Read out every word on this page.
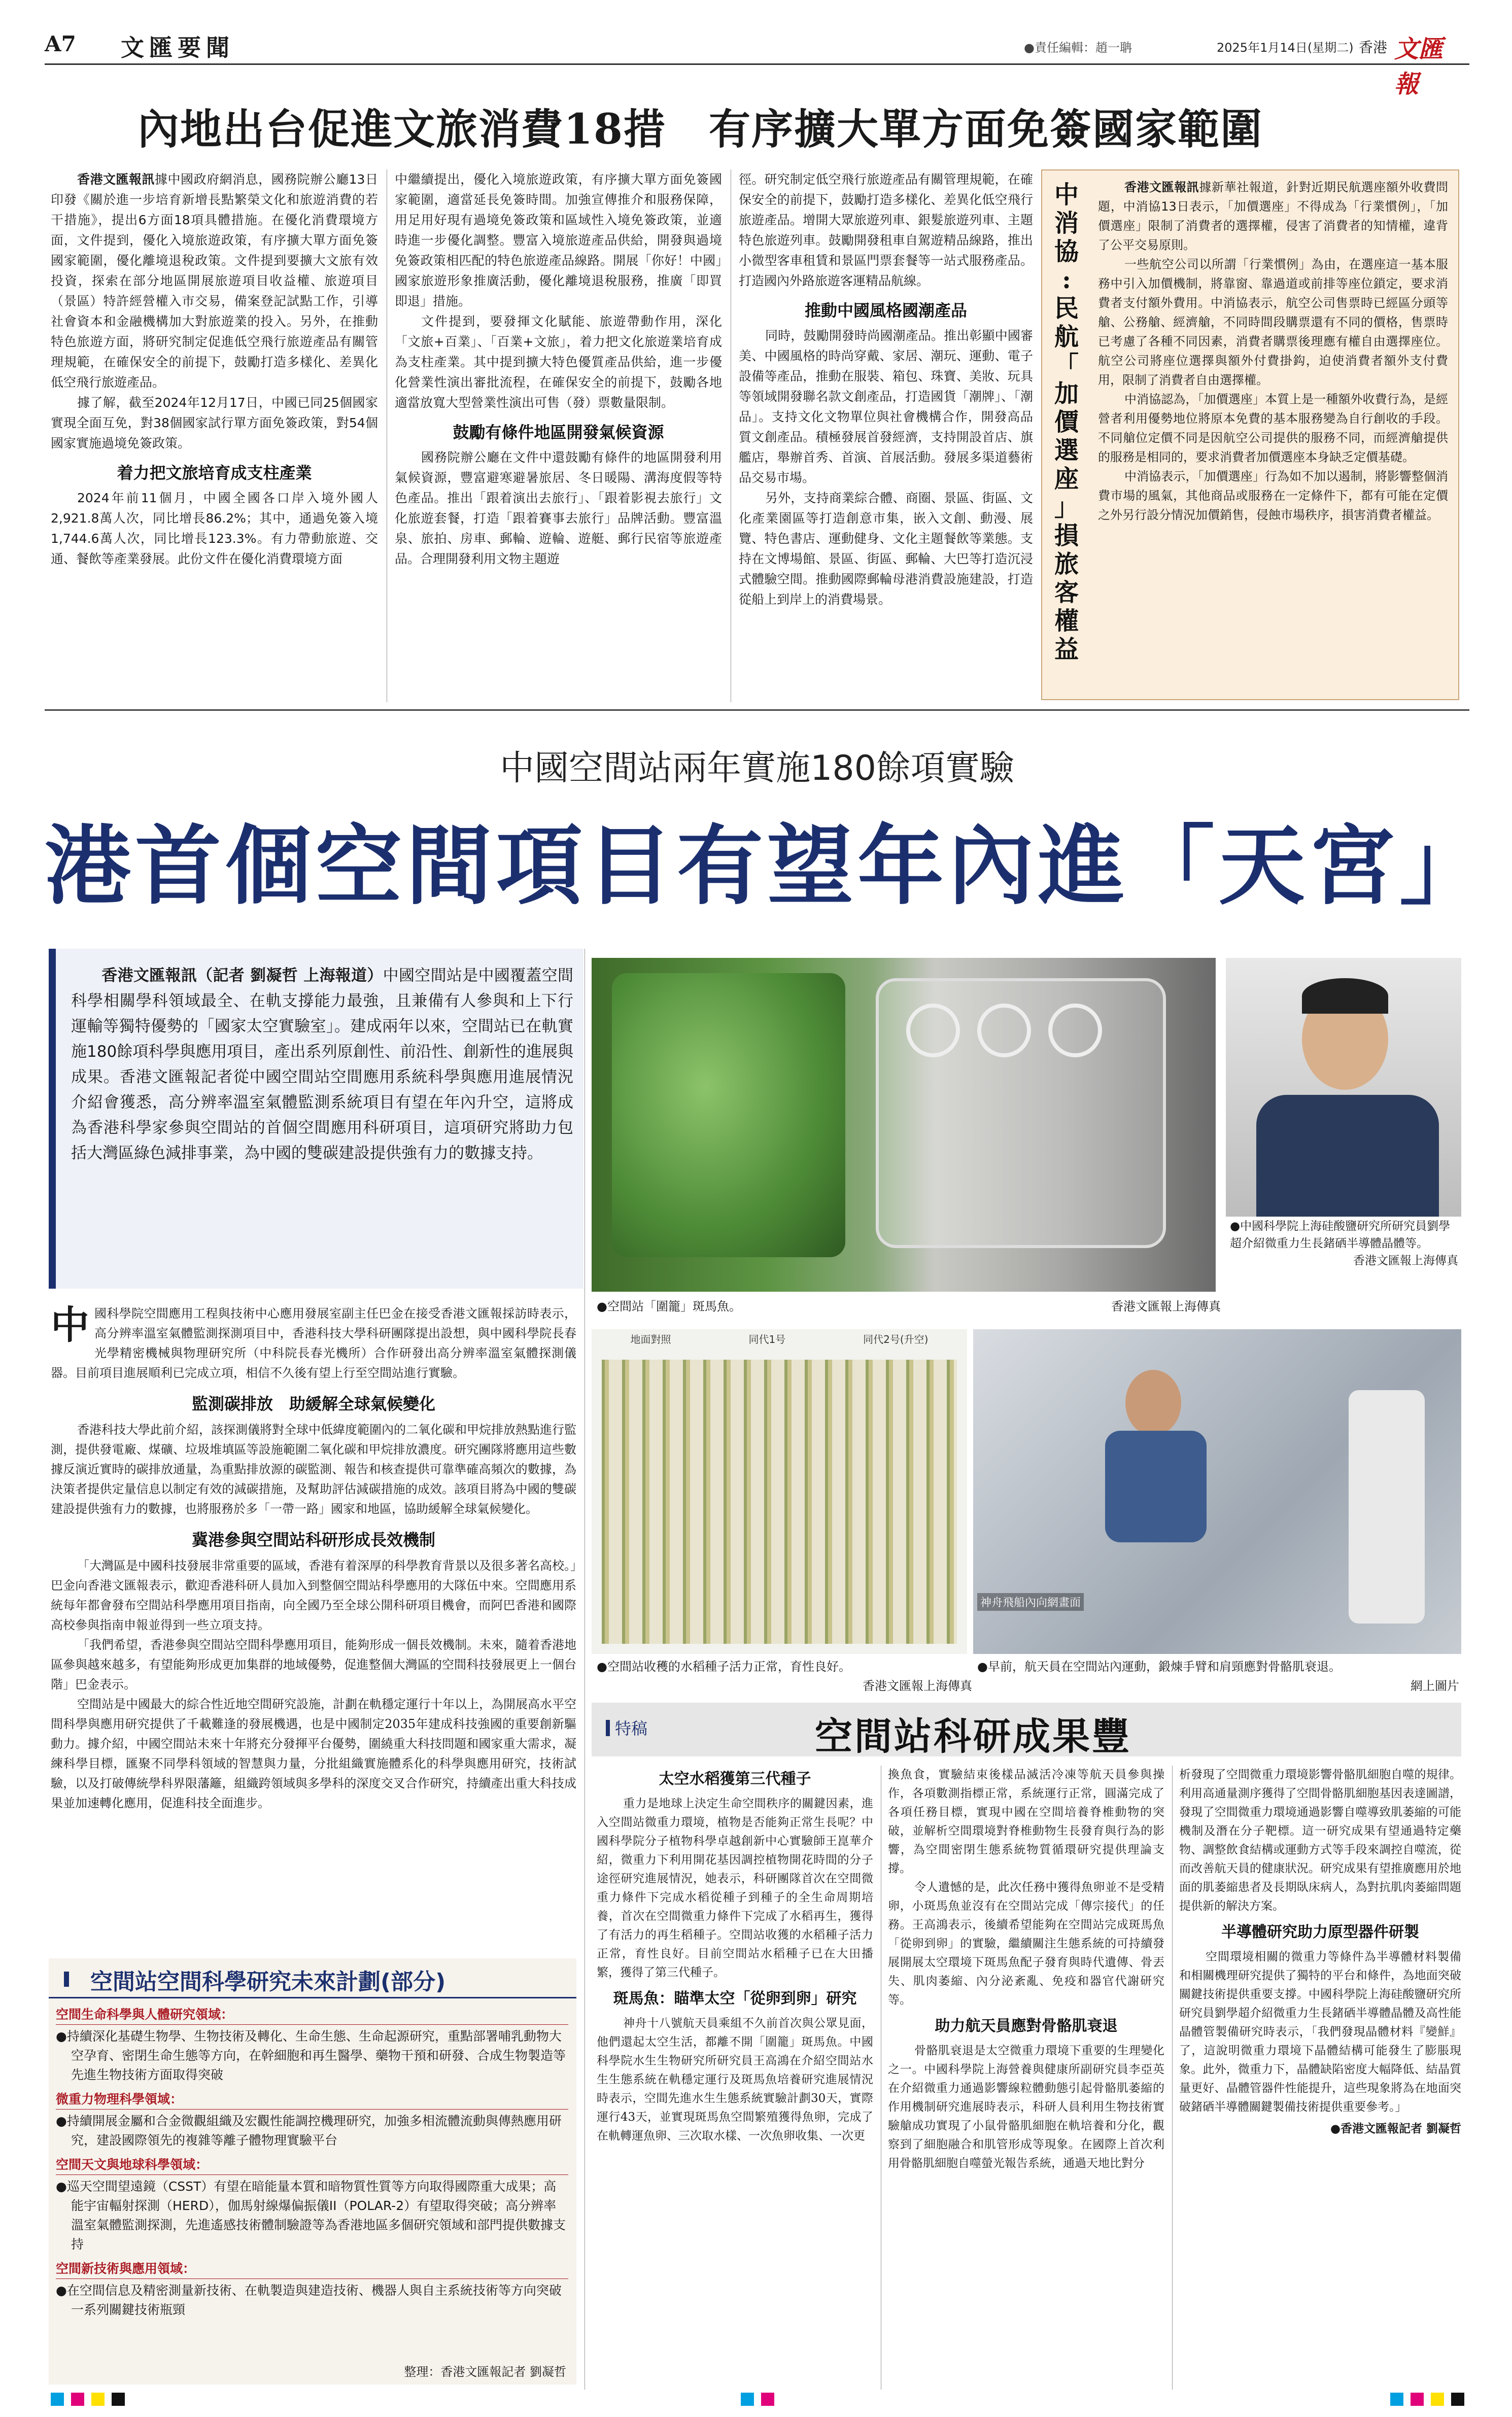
A7 文匯要聞	●責任編輯：趙一聃	2025年1月14日(星期二) 香港 文匯報
內地出台促進文旅消費18措　有序擴大單方面免簽國家範圍

香港文匯報訊據中國政府網消息，國務院辦公廳13日印發《關於進一步培育新增長點繁榮文化和旅遊消費的若干措施》，提出6方面18項具體措施。在優化消費環境方面，文件提到，優化入境旅遊政策，有序擴大單方面免簽國家範圍，優化離境退稅政策。文件提到要擴大文旅有效投資，探索在部分地區開展旅遊項目收益權、旅遊項目（景區）特許經營權入市交易，備案登記試點工作，引導社會資本和金融機構加大對旅遊業的投入。另外，在推動特色旅遊方面，將研究制定促進低空飛行旅遊產品有關管理規範，在確保安全的前提下，鼓勵打造多樣化、差異化低空飛行旅遊產品。

據了解，截至2024年12月17日，中國已同25個國家實現全面互免，對38個國家試行單方面免簽政策，對54個國家實施過境免簽政策。

着力把文旅培育成支柱產業

2024年前11個月，中國全國各口岸入境外國人2,921.8萬人次，同比增長86.2%；其中，通過免簽入境1,744.6萬人次，同比增長123.3%。有力帶動旅遊、交通、餐飲等產業發展。此份文件在優化消費環境方面

中繼續提出，優化入境旅遊政策，有序擴大單方面免簽國家範圍，適當延長免簽時間。加強宣傳推介和服務保障，用足用好現有過境免簽政策和區域性入境免簽政策，並適時進一步優化調整。豐富入境旅遊產品供給，開發與過境免簽政策相匹配的特色旅遊產品線路。開展「你好！中國」國家旅遊形象推廣活動，優化離境退稅服務，推廣「即買即退」措施。

文件提到，要發揮文化賦能、旅遊帶動作用，深化「文旅+百業」、「百業+文旅」，着力把文化旅遊業培育成為支柱產業。其中提到擴大特色優質產品供給，進一步優化營業性演出審批流程，在確保安全的前提下，鼓勵各地適當放寬大型營業性演出可售（發）票數量限制。

鼓勵有條件地區開發氣候資源

國務院辦公廳在文件中還鼓勵有條件的地區開發利用氣候資源，豐富避寒避暑旅居、冬日暖陽、溝海度假等特色產品。推出「跟着演出去旅行」、「跟着影視去旅行」文化旅遊套餐，打造「跟着賽事去旅行」品牌活動。豐富溫泉、旅拍、房車、郵輪、遊輪、遊艇、郵行民宿等旅遊產品。合理開發利用文物主題遊

徑。研究制定低空飛行旅遊產品有關管理規範，在確保安全的前提下，鼓勵打造多樣化、差異化低空飛行旅遊產品。增開大眾旅遊列車、銀髮旅遊列車、主題特色旅遊列車。鼓勵開發租車自駕遊精品線路，推出小微型客車租賃和景區門票套餐等一站式服務產品。打造國內外路旅遊客運精品航線。

推動中國風格國潮產品

同時，鼓勵開發時尚國潮產品。推出彰顯中國審美、中國風格的時尚穿戴、家居、潮玩、運動、電子設備等產品，推動在服裝、箱包、珠寶、美妝、玩具等領域開發聯名款文創產品，打造國貨「潮牌」、「潮品」。支持文化文物單位與社會機構合作，開發高品質文創產品。積極發展首發經濟，支持開設首店、旗艦店，舉辦首秀、首演、首展活動。發展多渠道藝術品交易市場。

另外，支持商業綜合體、商圈、景區、街區、文化產業園區等打造創意市集，嵌入文創、動漫、展覽、特色書店、運動健身、文化主題餐飲等業態。支持在文博場館、景區、街區、郵輪、大巴等打造沉浸式體驗空間。推動國際郵輪母港消費設施建設，打造從船上到岸上的消費場景。

中
消
協
:
民
航
「
加
價
選
座
」
損
旅
客
權
益

香港文匯報訊據新華社報道，針對近期民航選座額外收費問題，中消協13日表示，「加價選座」不得成為「行業慣例」，「加價選座」限制了消費者的選擇權，侵害了消費者的知情權，違背了公平交易原則。

一些航空公司以所謂「行業慣例」為由，在選座這一基本服務中引入加價機制，將靠窗、靠過道或前排等座位鎖定，要求消費者支付額外費用。中消協表示，航空公司售票時已經區分頭等艙、公務艙、經濟艙，不同時間段購票還有不同的價格，售票時已考慮了各種不同因素，消費者購票後理應有權自由選擇座位。航空公司將座位選擇與額外付費掛鈎，迫使消費者額外支付費用，限制了消費者自由選擇權。

中消協認為，「加價選座」本質上是一種額外收費行為，是經營者利用優勢地位將原本免費的基本服務變為自行創收的手段。不同艙位定價不同是因航空公司提供的服務不同，而經濟艙提供的服務是相同的，要求消費者加價選座本身缺乏定價基礎。

中消協表示，「加價選座」行為如不加以遏制，將影響整個消費市場的風氣，其他商品或服務在一定條件下，都有可能在定價之外另行設分情況加價銷售，侵蝕市場秩序，損害消費者權益。

中國空間站兩年實施180餘項實驗
港首個空間項目有望年內進「天宮」
香港文匯報訊（記者 劉凝哲 上海報道）中國空間站是中國覆蓋空間科學相關學科領域最全、在軌支撐能力最強，且兼備有人參與和上下行運輸等獨特優勢的「國家太空實驗室」。建成兩年以來，空間站已在軌實施180餘項科學與應用項目，產出系列原創性、前沿性、創新性的進展與成果。香港文匯報記者從中國空間站空間應用系統科學與應用進展情況介紹會獲悉，高分辨率溫室氣體監測系統項目有望在年內升空，這將成為香港科學家參與空間站的首個空間應用科研項目，這項研究將助力包括大灣區綠色減排事業，為中國的雙碳建設提供強有力的數據支持。
中 國科學院空間應用工程與技術中心應用發展室副主任巴金在接受香港文匯報採訪時表示，高分辨率溫室氣體監測探測項目中，香港科技大學科研團隊提出設想，與中國科學院長春光學精密機械與物理研究所（中科院長春光機所）合作研發出高分辨率溫室氣體探測儀器。目前項目進展順利已完成立項，相信不久後有望上行至空間站進行實驗。

監測碳排放　助緩解全球氣候變化

香港科技大學此前介紹，該探測儀將對全球中低緯度範圍內的二氧化碳和甲烷排放熱點進行監測，提供發電廠、煤礦、垃圾堆填區等設施範圍二氧化碳和甲烷排放濃度。研究團隊將應用這些數據反演近實時的碳排放通量，為重點排放源的碳監測、報告和核查提供可靠準確高頻次的數據，為決策者提供定量信息以制定有效的減碳措施，及幫助評估減碳措施的成效。該項目將為中國的雙碳建設提供強有力的數據，也將服務於多「一帶一路」國家和地區，協助緩解全球氣候變化。

冀港參與空間站科研形成長效機制

「大灣區是中國科技發展非常重要的區域，香港有着深厚的科學教育背景以及很多著名高校。」巴金向香港文匯報表示，歡迎香港科研人員加入到整個空間站科學應用的大隊伍中來。空間應用系統每年都會發布空間站科學應用項目指南，向全國乃至全球公開科研項目機會，而阿巴香港和國際高校參與指南申報並得到一些立項支持。

「我們希望，香港參與空間站空間科學應用項目，能夠形成一個長效機制。未來，隨着香港地區參與越來越多，有望能夠形成更加集群的地域優勢，促進整個大灣區的空間科技發展更上一個台階」巴金表示。

空間站是中國最大的綜合性近地空間研究設施，計劃在軌穩定運行十年以上，為開展高水平空間科學與應用研究提供了千載難逢的發展機遇，也是中國制定2035年建成科技強國的重要創新驅動力。據介紹，中國空間站未來十年將充分發揮平台優勢，圍繞重大科技問題和國家重大需求，凝練科學目標，匯聚不同學科領域的智慧與力量，分批組織實施體系化的科學與應用研究，技術試驗，以及打破傳統學科界限藩籬，組織跨領域與多學科的深度交叉合作研究，持續產出重大科技成果並加速轉化應用，促進科技全面進步。

空間站空間科學研究未來計劃(部分)
空間生命科學與人體研究領域：

●持續深化基礎生物學、生物技術及轉化、生命生態、生命起源研究，重點部署哺乳動物大空孕育、密閉生命生態等方向，在幹細胞和再生醫學、藥物干預和研發、合成生物製造等先進生物技術方面取得突破

微重力物理科學領域：

●持續開展金屬和合金微觀組織及宏觀性能調控機理研究，加強多相流體流動與傳熱應用研究，建設國際領先的複雜等離子體物理實驗平台

空間天文與地球科學領域：

●巡天空間望遠鏡（CSST）有望在暗能量本質和暗物質性質等方向取得國際重大成果；高能宇宙輻射探測（HERD），伽馬射線爆偏振儀II（POLAR-2）有望取得突破；高分辨率溫室氣體監測探測，先進遙感技術體制驗證等為香港地區多個研究領域和部門提供數據支持

空間新技術與應用領域：

●在空間信息及精密測量新技術、在軌製造與建造技術、機器人與自主系統技術等方向突破一系列關鍵技術瓶頸

整理：香港文匯報記者 劉凝哲
●空間站「圍籠」斑馬魚。	香港文匯報上海傳真
●中國科學院上海硅酸鹽研究所研究員劉學超介紹微重力生長鍺硒半導體晶體等。
香港文匯報上海傳真
地面對照	同代1号	同代2号(升空)
●空間站收穫的水稻種子活力正常，育性良好。
香港文匯報上海傳真
神舟飛船內向網畫面
●早前，航天員在空間站內運動，鍛煉手臂和肩頸應對骨骼肌衰退。
網上圖片
特稿	空間站科研成果豐
太空水稻獲第三代種子

重力是地球上決定生命空間秩序的關鍵因素，進入空間站微重力環境，植物是否能夠正常生長呢？中國科學院分子植物科學卓越創新中心實驗師王崑華介紹，微重力下利用開花基因調控植物開花時間的分子途徑研究進展情況，她表示，科研團隊首次在空間微重力條件下完成水稻從種子到種子的全生命周期培養，首次在空間微重力條件下完成了水稻再生，獲得了有活力的再生稻種子。空間站收獲的水稻種子活力正常，育性良好。目前空間站水稻種子已在大田播繁，獲得了第三代種子。

斑馬魚：瞄準太空「從卵到卵」研究

神舟十八號航天員乘組不久前首次與公眾見面，他們還起太空生活，都離不開「圍籠」斑馬魚。中國科學院水生生物研究所研究員王高鴻在介紹空間站水生生態系統在軌穩定運行及斑馬魚培養研究進展情況時表示，空間先進水生生態系統實驗計劃30天，實際運行43天，並實現斑馬魚空間繁殖獲得魚卵，完成了在軌轉運魚卵、三次取水樣、一次魚卵收集、一次更

換魚食，實驗結束後樣品滅活冷凍等航天員參與操作，各項數測指標正常，系統運行正常，圓滿完成了各項任務目標，實現中國在空間培養脊椎動物的突破，並解析空間環境對脊椎動物生長發育與行為的影響，為空間密閉生態系統物質循環研究提供理論支撐。

令人遺憾的是，此次任務中獲得魚卵並不是受精卵，小斑馬魚並沒有在空間站完成「傳宗接代」的任務。王高鴻表示，後續希望能夠在空間站完成斑馬魚「從卵到卵」的實驗，繼續關注生態系統的可持續發展開展太空環境下斑馬魚配子發育與時代遺傳、骨丟失、肌肉萎縮、內分泌紊亂、免疫和器官代謝研究等。

助力航天員應對骨骼肌衰退

骨骼肌衰退是太空微重力環境下重要的生理變化之一。中國科學院上海營養與健康所副研究員李亞英在介紹微重力通過影響線粒體動態引起骨骼肌萎縮的作用機制研究進展時表示，科研人員利用生物技術實驗艙成功實現了小鼠骨骼肌細胞在軌培養和分化，觀察到了細胞融合和肌管形成等現象。在國際上首次利用骨骼肌細胞自噬螢光報告系統，通過天地比對分

析發現了空間微重力環境影響骨骼肌細胞自噬的規律。利用高通量測序獲得了空間骨骼肌細胞基因表達圖譜，發現了空間微重力環境通過影響自噬導致肌萎縮的可能機制及潛在分子靶標。這一研究成果有望通過特定藥物、調整飲食結構或運動方式等手段來調控自噬流，從而改善航天員的健康狀況。研究成果有望推廣應用於地面的肌萎縮患者及長期臥床病人，為對抗肌肉萎縮問題提供新的解決方案。

半導體研究助力原型器件研製

空間環境相關的微重力等條件為半導體材料製備和相關機理研究提供了獨特的平台和條件，為地面突破關鍵技術提供重要支撐。中國科學院上海硅酸鹽研究所研究員劉學超介紹微重力生長鍺硒半導體晶體及高性能晶體管製備研究時表示，「我們發現晶體材料『變鮮』了，這說明微重力環境下晶體結構可能發生了膨脹現象。此外，微重力下，晶體缺陷密度大幅降低、結晶質量更好、晶體管器件性能提升，這些現象將為在地面突破鍺硒半導體關鍵製備技術提供重要參考。」

●香港文匯報記者 劉凝哲
